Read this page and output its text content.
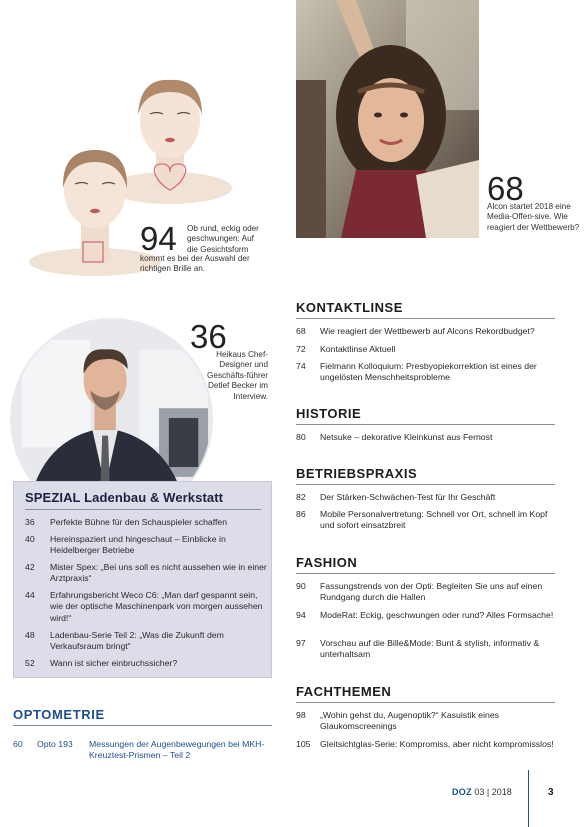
68
Alcon startet 2018 eine Media-Offen-sive. Wie reagiert der Wettbewerb?
94 Ob rund, eckig oder geschwungen: Auf die Gesichtsform
kommt es bei der Auswahl der richtigen Brille an.
36
Heikaus Chef-Designer und Geschäfts-führer Detlef Becker im Interview.
SPEZIAL Ladenbau & Werkstatt
36	Perfekte Bühne für den Schauspieler schaffen
40	Hereinspaziert und hingeschaut – Einblicke in Heidelberger Betriebe
42	Mister Spex: „Bei uns soll es nicht aussehen wie in einer Arztpraxis“
44	Erfahrungsbericht Weco C6: „Man darf gespannt sein, wie der optische Maschinenpark von morgen aussehen wird!“
48	Ladenbau-Serie Teil 2: „Was die Zukunft dem Verkaufsraum bringt“
52	Wann ist sicher einbruchssicher?
OPTOMETRIE
60 Opto 193 Messungen der Augenbewegungen bei MKH-Kreuztest-Prismen – Teil 2
KONTAKTLINSE
68	Wie reagiert der Wettbewerb auf Alcons Rekordbudget?
72	Kontaktlinse Aktuell
74	Fielmann Kolloquium: Presbyopiekorrektion ist eines der ungelösten Menschheitsprobleme
HISTORIE
80	Netsuke – dekorative Kleinkunst aus Fernost
BETRIEBSPRAXIS
82	Der Stärken-Schwächen-Test für Ihr Geschäft
86	Mobile Personalvertretung: Schnell vor Ort, schnell im Kopf und sofort einsatzbreit
FASHION
90	Fassungstrends von der Opti: Begleiten Sie uns auf einen Rundgang durch die Hallen
94	ModeRat: Eckig, geschwungen oder rund? Alles Formsache!
97	Vorschau auf die Bille&Mode: Bunt & stylish, informativ & unterhaltsam
FACHTHEMEN
98	„Wohin gehst du, Augenoptik?“ Kasuistik eines Glaukomscreenings
105	Gleitsichtglas-Serie: Kompromiss, aber nicht kompromisslos!
DOZ 03 | 2018	3
